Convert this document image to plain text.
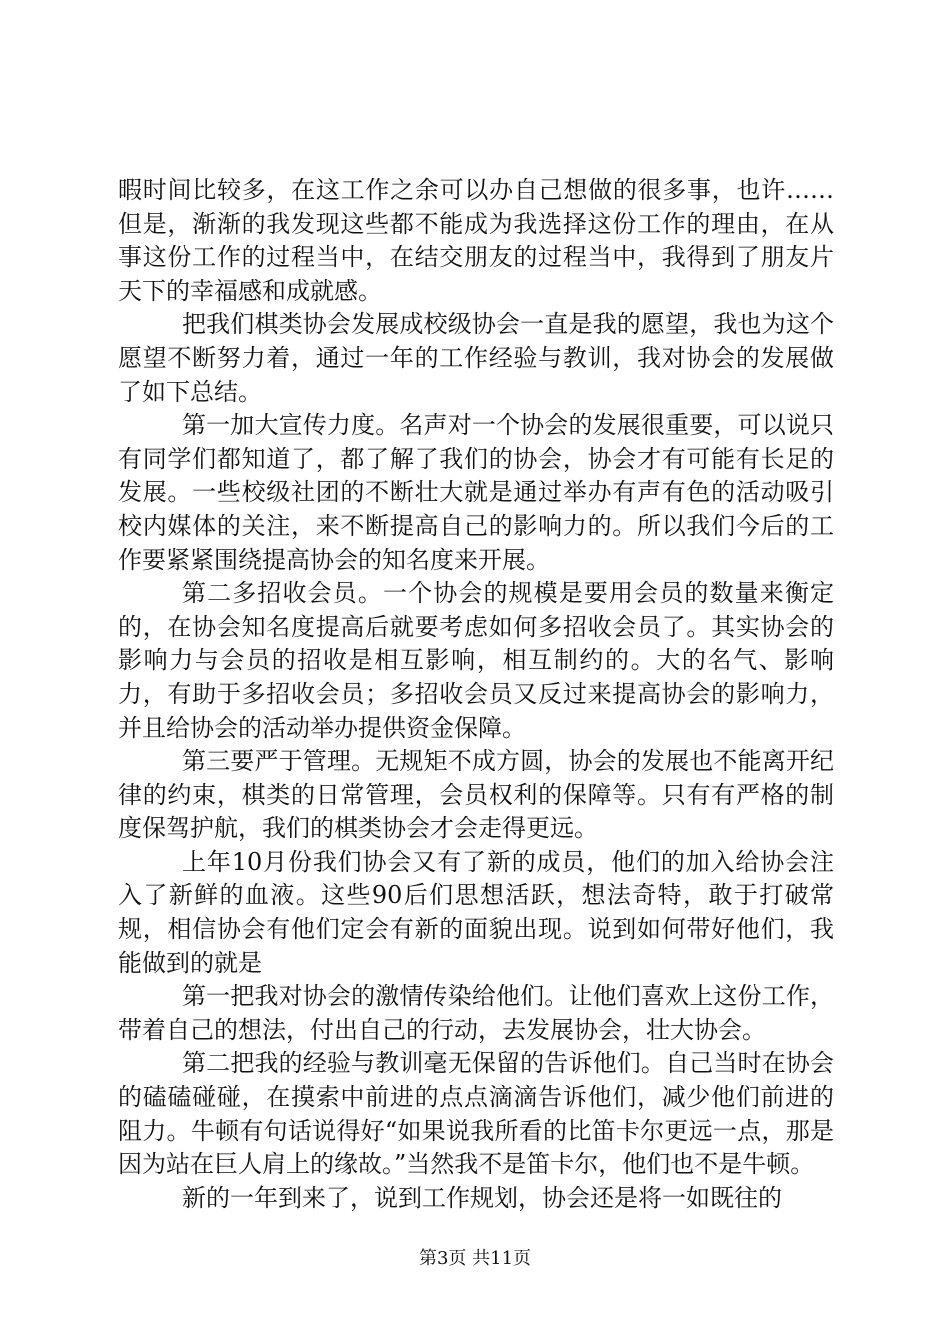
暇时间比较多，在这工作之余可以办自己想做的很多事，也许……但是，渐渐的我发现这些都不能成为我选择这份工作的理由，在从事这份工作的过程当中，在结交朋友的过程当中，我得到了朋友片天下的幸福感和成就感。

把我们棋类协会发展成校级协会一直是我的愿望，我也为这个愿望不断努力着，通过一年的工作经验与教训，我对协会的发展做了如下总结。

第一加大宣传力度。名声对一个协会的发展很重要，可以说只有同学们都知道了，都了解了我们的协会，协会才有可能有长足的发展。一些校级社团的不断壮大就是通过举办有声有色的活动吸引校内媒体的关注，来不断提高自己的影响力的。所以我们今后的工作要紧紧围绕提高协会的知名度来开展。

第二多招收会员。一个协会的规模是要用会员的数量来衡定的，在协会知名度提高后就要考虑如何多招收会员了。其实协会的影响力与会员的招收是相互影响，相互制约的。大的名气、影响力，有助于多招收会员；多招收会员又反过来提高协会的影响力，并且给协会的活动举办提供资金保障。

第三要严于管理。无规矩不成方圆，协会的发展也不能离开纪律的约束，棋类的日常管理，会员权利的保障等。只有有严格的制度保驾护航，我们的棋类协会才会走得更远。

上年10月份我们协会又有了新的成员，他们的加入给协会注入了新鲜的血液。这些90后们思想活跃，想法奇特，敢于打破常规，相信协会有他们定会有新的面貌出现。说到如何带好他们，我能做到的就是

第一把我对协会的激情传染给他们。让他们喜欢上这份工作，带着自己的想法，付出自己的行动，去发展协会，壮大协会。

第二把我的经验与教训毫无保留的告诉他们。自己当时在协会的磕磕碰碰，在摸索中前进的点点滴滴告诉他们，减少他们前进的阻力。牛顿有句话说得好“如果说我所看的比笛卡尔更远一点，那是因为站在巨人肩上的缘故。”当然我不是笛卡尔，他们也不是牛顿。

新的一年到来了，说到工作规划，协会还是将一如既往的

第3页 共11页
